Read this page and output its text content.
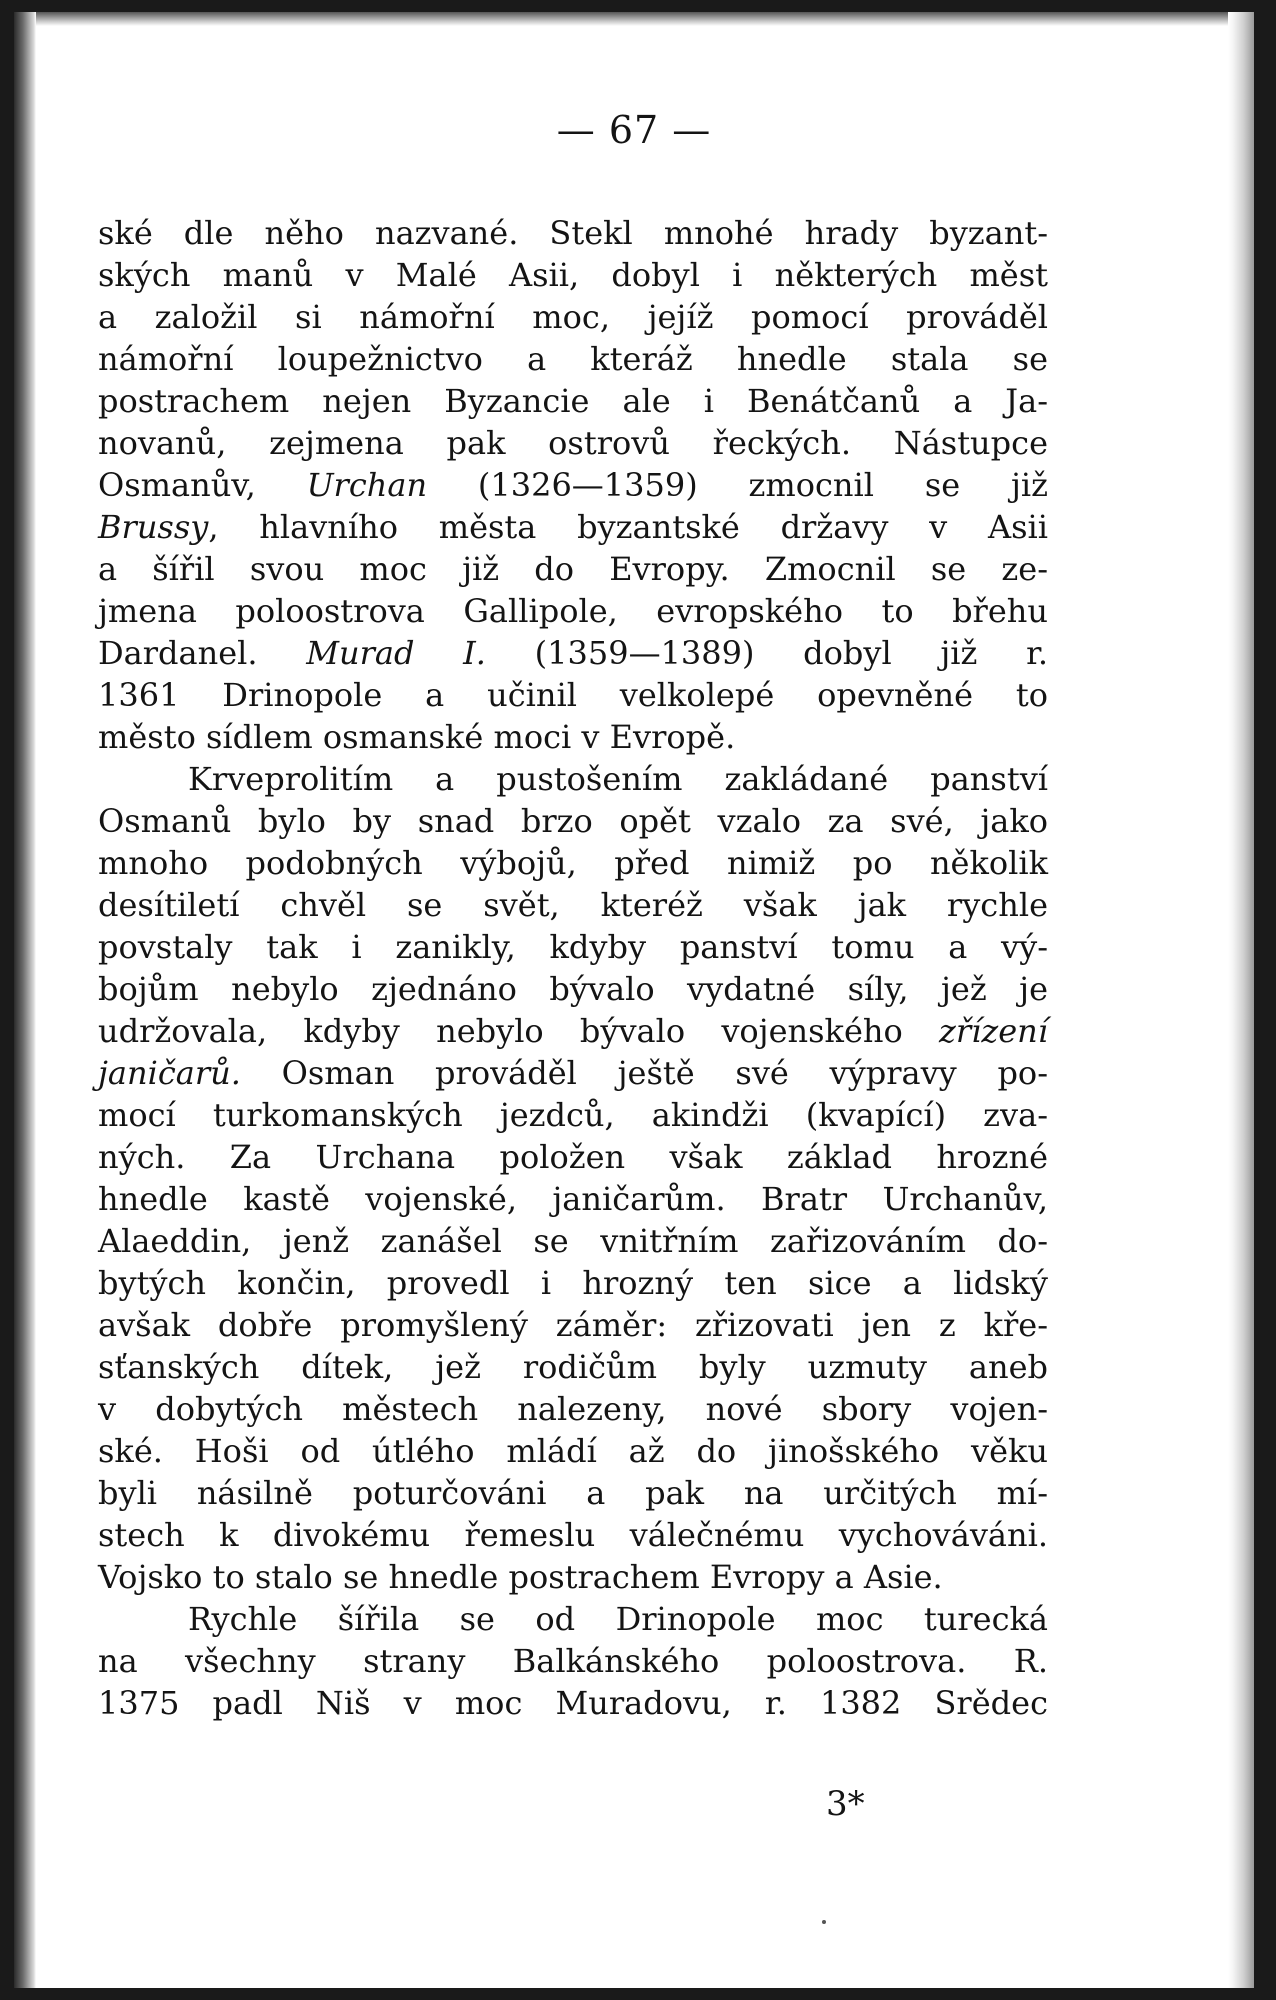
— 67 —
ské dle něho nazvané. Stekl mnohé hrady byzant-
ských manů v Malé Asii, dobyl i některých měst
a založil si námořní moc, jejíž pomocí prováděl
námořní loupežnictvo a kteráž hnedle stala se
postrachem nejen Byzancie ale i Benátčanů a Ja-
novanů, zejmena pak ostrovů řeckých. Nástupce
Osmanův, Urchan (1326—1359) zmocnil se již
Brussy, hlavního města byzantské državy v Asii
a šířil svou moc již do Evropy. Zmocnil se ze-
jmena poloostrova Gallipole, evropského to břehu
Dardanel. Murad I. (1359—1389) dobyl již r.
1361 Drinopole a učinil velkolepé opevněné to
město sídlem osmanské moci v Evropě.
Krveprolitím a pustošením zakládané panství
Osmanů bylo by snad brzo opět vzalo za své, jako
mnoho podobných výbojů, před nimiž po několik
desítiletí chvěl se svět, kteréž však jak rychle
povstaly tak i zanikly, kdyby panství tomu a vý-
bojům nebylo zjednáno bývalo vydatné síly, jež je
udržovala, kdyby nebylo bývalo vojenského zřízení
janičarů. Osman prováděl ještě své výpravy po-
mocí turkomanských jezdců, akindži (kvapící) zva-
ných. Za Urchana položen však základ hrozné
hnedle kastě vojenské, janičarům. Bratr Urchanův,
Alaeddin, jenž zanášel se vnitřním zařizováním do-
bytých končin, provedl i hrozný ten sice a lidský
avšak dobře promyšlený záměr: zřizovati jen z kře-
sťanských dítek, jež rodičům byly uzmuty aneb
v dobytých městech nalezeny, nové sbory vojen-
ské. Hoši od útlého mládí až do jinošského věku
byli násilně poturčováni a pak na určitých mí-
stech k divokému řemeslu válečnému vychováváni.
Vojsko to stalo se hnedle postrachem Evropy a Asie.
Rychle šířila se od Drinopole moc turecká
na všechny strany Balkánského poloostrova. R.
1375 padl Niš v moc Muradovu, r. 1382 Srědec
3*
